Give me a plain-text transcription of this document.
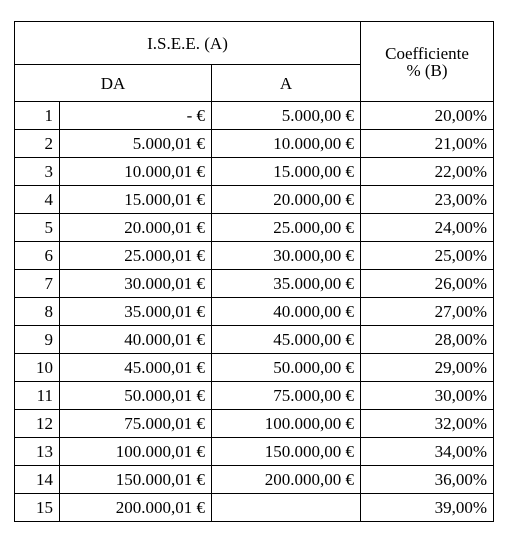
I.S.E.E. (A)			Coefficiente
% (B)
DA		A	
1	- €	5.000,00 €	20,00%
2	5.000,01 €	10.000,00 €	21,00%
3	10.000,01 €	15.000,00 €	22,00%
4	15.000,01 €	20.000,00 €	23,00%
5	20.000,01 €	25.000,00 €	24,00%
6	25.000,01 €	30.000,00 €	25,00%
7	30.000,01 €	35.000,00 €	26,00%
8	35.000,01 €	40.000,00 €	27,00%
9	40.000,01 €	45.000,00 €	28,00%
10	45.000,01 €	50.000,00 €	29,00%
11	50.000,01 €	75.000,00 €	30,00%
12	75.000,01 €	100.000,00 €	32,00%
13	100.000,01 €	150.000,00 €	34,00%
14	150.000,01 €	200.000,00 €	36,00%
15	200.000,01 €		39,00%
